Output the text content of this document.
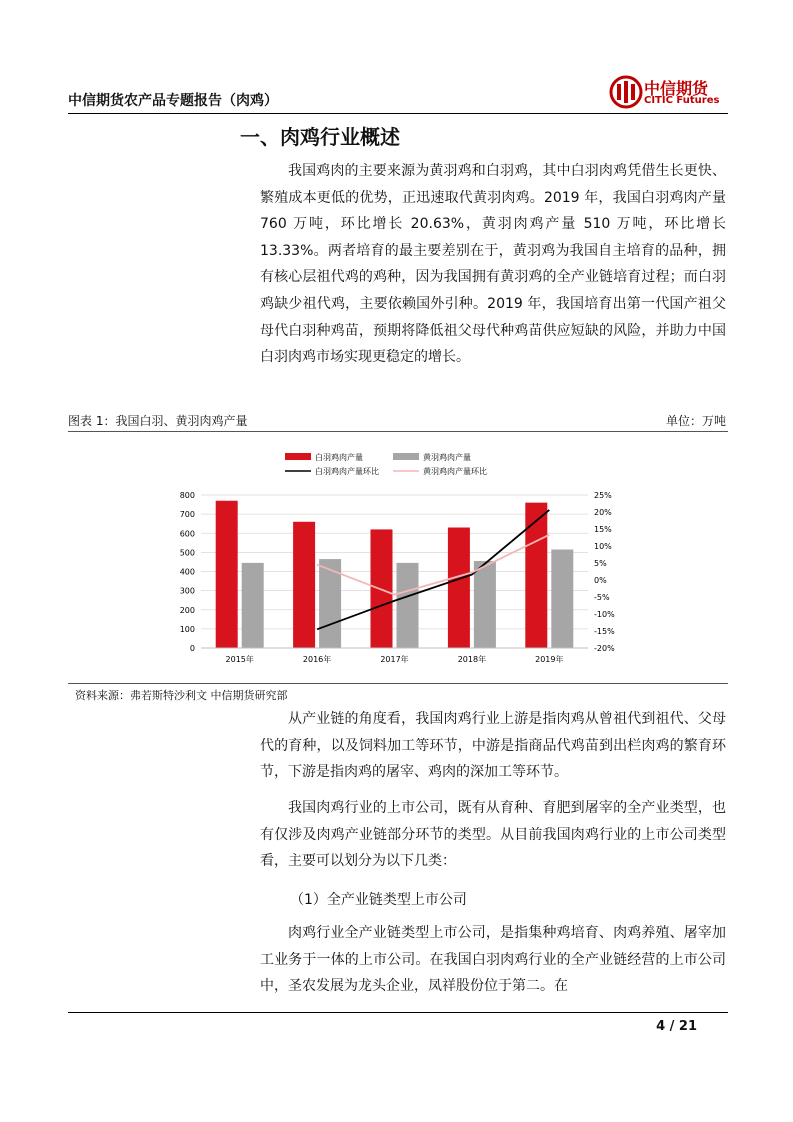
中信期货农产品专题报告（肉鸡）
中信期货
CITIC Futures
一、肉鸡行业概述

我国鸡肉的主要来源为黄羽鸡和白羽鸡，其中白羽肉鸡凭借生长更快、繁殖成本更低的优势，正迅速取代黄羽肉鸡。2019 年，我国白羽鸡肉产量 760 万吨，环比增长 20.63%，黄羽肉鸡产量 510 万吨，环比增长 13.33%。两者培育的最主要差别在于，黄羽鸡为我国自主培育的品种，拥有核心层祖代鸡的鸡种，因为我国拥有黄羽鸡的全产业链培育过程；而白羽鸡缺少祖代鸡，主要依赖国外引种。2019 年，我国培育出第一代国产祖父母代白羽种鸡苗，预期将降低祖父母代种鸡苗供应短缺的风险，并助力中国白羽肉鸡市场实现更稳定的增长。

图表 1：我国白羽、黄羽肉鸡产量	单位：万吨
白羽鸡肉产量	黄羽鸡肉产量
白羽鸡肉产量环比	黄羽鸡肉产量环比
0
100
200
300
400
500
600
700
800
-20%
-15%
-10%
-5%
0%
5%
10%
15%
20%
25%
2015年	2016年	2017年	2018年	2019年
资料来源：弗若斯特沙利文 中信期货研究部

从产业链的角度看，我国肉鸡行业上游是指肉鸡从曾祖代到祖代、父母代的育种，以及饲料加工等环节，中游是指商品代鸡苗到出栏肉鸡的繁育环节，下游是指肉鸡的屠宰、鸡肉的深加工等环节。

我国肉鸡行业的上市公司，既有从育种、育肥到屠宰的全产业类型，也有仅涉及肉鸡产业链部分环节的类型。从目前我国肉鸡行业的上市公司类型看，主要可以划分为以下几类：

（1）全产业链类型上市公司

肉鸡行业全产业链类型上市公司，是指集种鸡培育、肉鸡养殖、屠宰加工业务于一体的上市公司。在我国白羽肉鸡行业的全产业链经营的上市公司中，圣农发展为龙头企业，凤祥股份位于第二。在

4 / 21
